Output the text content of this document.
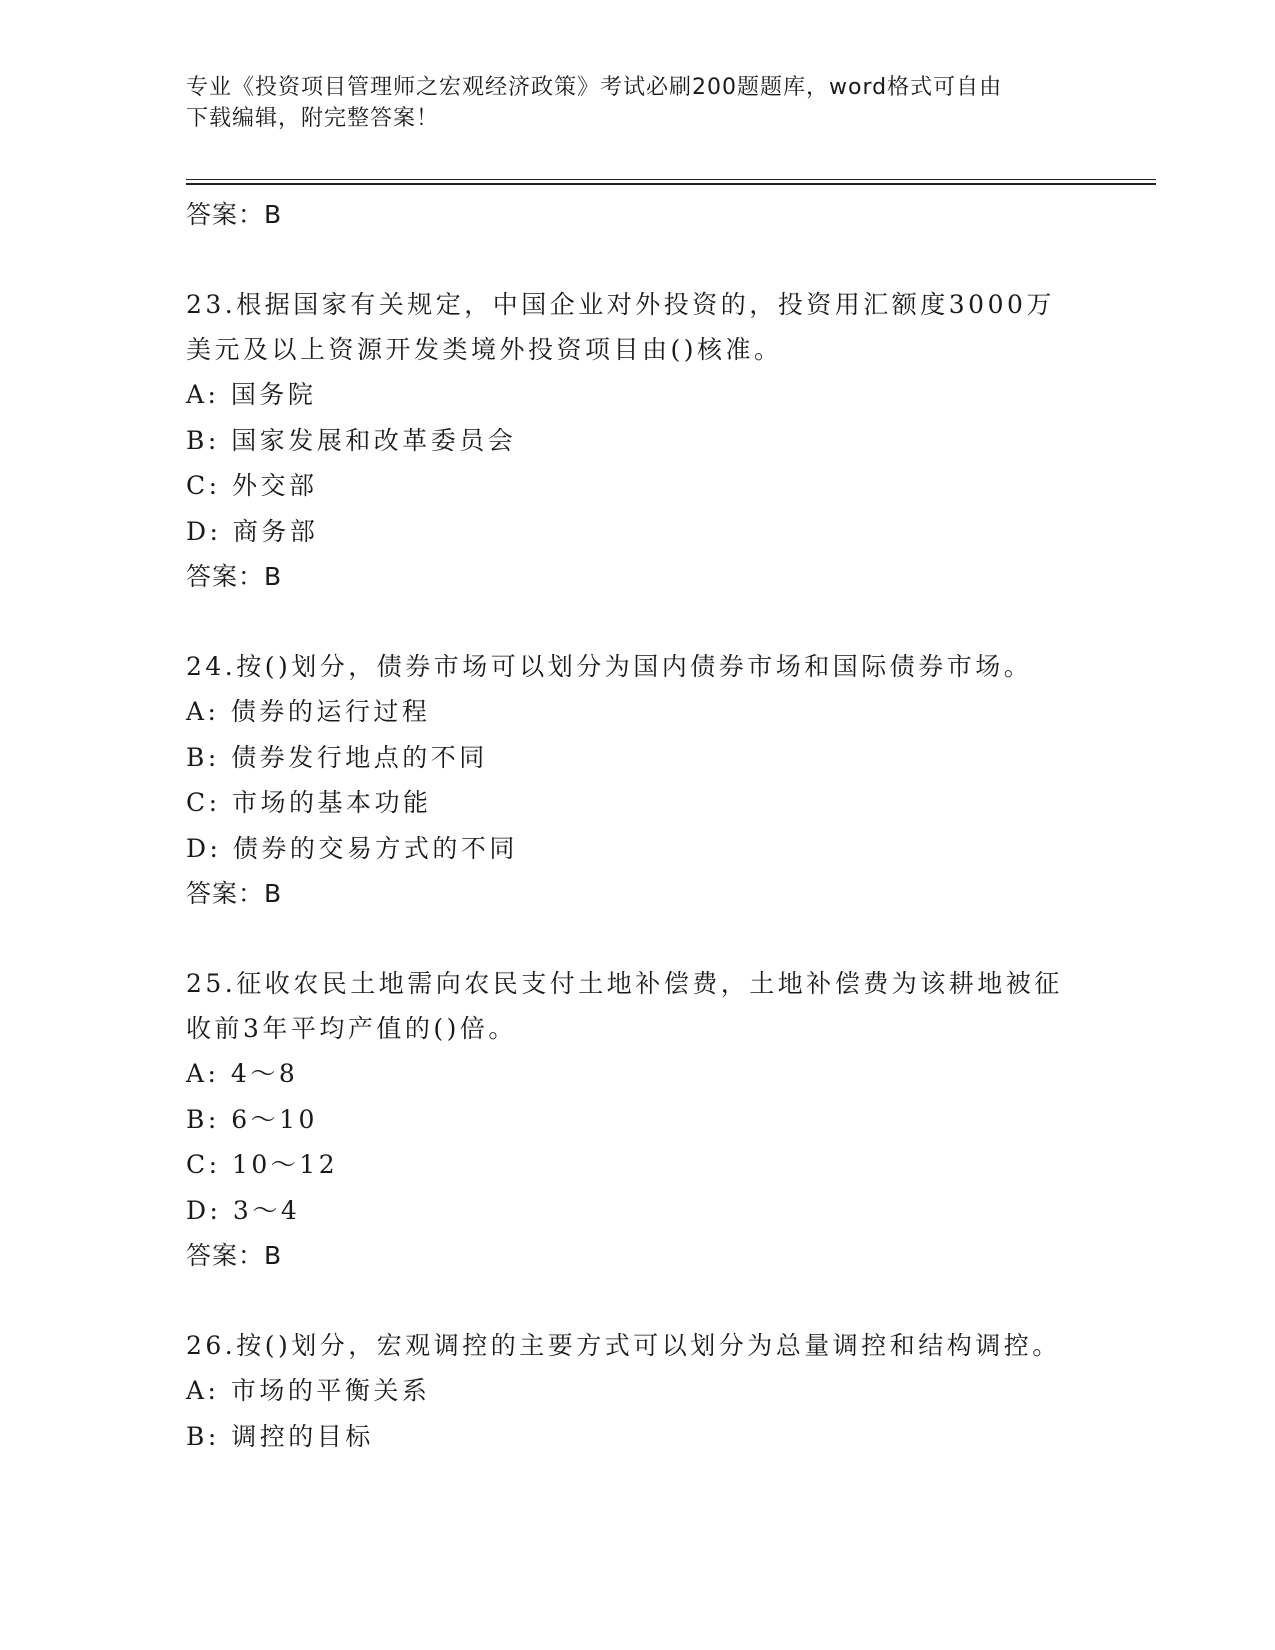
专业《投资项目管理师之宏观经济政策》考试必刷200题题库，word格式可自由
下载编辑，附完整答案！
答案：B
23.根据国家有关规定，中国企业对外投资的，投资用汇额度3000万
美元及以上资源开发类境外投资项目由()核准。
A: 国务院
B: 国家发展和改革委员会
C: 外交部
D: 商务部
答案：B
24.按()划分，债券市场可以划分为国内债券市场和国际债券市场。
A: 债券的运行过程
B: 债券发行地点的不同
C: 市场的基本功能
D: 债券的交易方式的不同
答案：B
25.征收农民土地需向农民支付土地补偿费，土地补偿费为该耕地被征
收前3年平均产值的()倍。
A: 4～8
B: 6～10
C: 10～12
D: 3～4
答案：B
26.按()划分，宏观调控的主要方式可以划分为总量调控和结构调控。
A: 市场的平衡关系
B: 调控的目标
